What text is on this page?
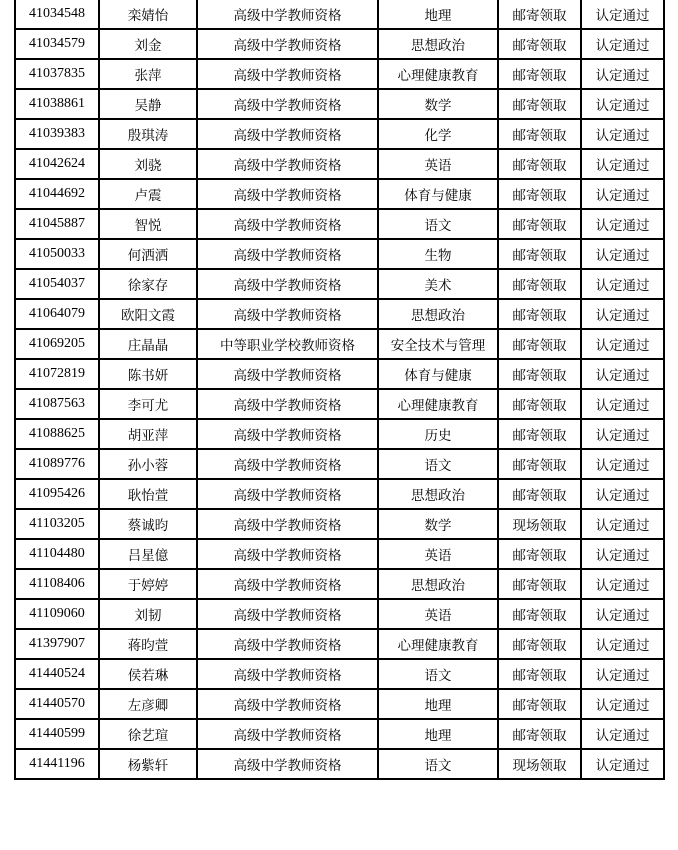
41034548	栾婧怡	高级中学教师资格	地理	邮寄领取	认定通过
41034579	刘金	高级中学教师资格	思想政治	邮寄领取	认定通过
41037835	张萍	高级中学教师资格	心理健康教育	邮寄领取	认定通过
41038861	吴静	高级中学教师资格	数学	邮寄领取	认定通过
41039383	殷琪涛	高级中学教师资格	化学	邮寄领取	认定通过
41042624	刘骁	高级中学教师资格	英语	邮寄领取	认定通过
41044692	卢震	高级中学教师资格	体育与健康	邮寄领取	认定通过
41045887	智悦	高级中学教师资格	语文	邮寄领取	认定通过
41050033	何洒洒	高级中学教师资格	生物	邮寄领取	认定通过
41054037	徐家存	高级中学教师资格	美术	邮寄领取	认定通过
41064079	欧阳文霞	高级中学教师资格	思想政治	邮寄领取	认定通过
41069205	庄晶晶	中等职业学校教师资格	安全技术与管理	邮寄领取	认定通过
41072819	陈书妍	高级中学教师资格	体育与健康	邮寄领取	认定通过
41087563	李可尤	高级中学教师资格	心理健康教育	邮寄领取	认定通过
41088625	胡亚萍	高级中学教师资格	历史	邮寄领取	认定通过
41089776	孙小蓉	高级中学教师资格	语文	邮寄领取	认定通过
41095426	耿怡萱	高级中学教师资格	思想政治	邮寄领取	认定通过
41103205	蔡诚昀	高级中学教师资格	数学	现场领取	认定通过
41104480	吕星億	高级中学教师资格	英语	邮寄领取	认定通过
41108406	于婷婷	高级中学教师资格	思想政治	邮寄领取	认定通过
41109060	刘韧	高级中学教师资格	英语	邮寄领取	认定通过
41397907	蒋昀萱	高级中学教师资格	心理健康教育	邮寄领取	认定通过
41440524	侯若琳	高级中学教师资格	语文	邮寄领取	认定通过
41440570	左彦卿	高级中学教师资格	地理	邮寄领取	认定通过
41440599	徐艺瑄	高级中学教师资格	地理	邮寄领取	认定通过
41441196	杨紫轩	高级中学教师资格	语文	现场领取	认定通过
